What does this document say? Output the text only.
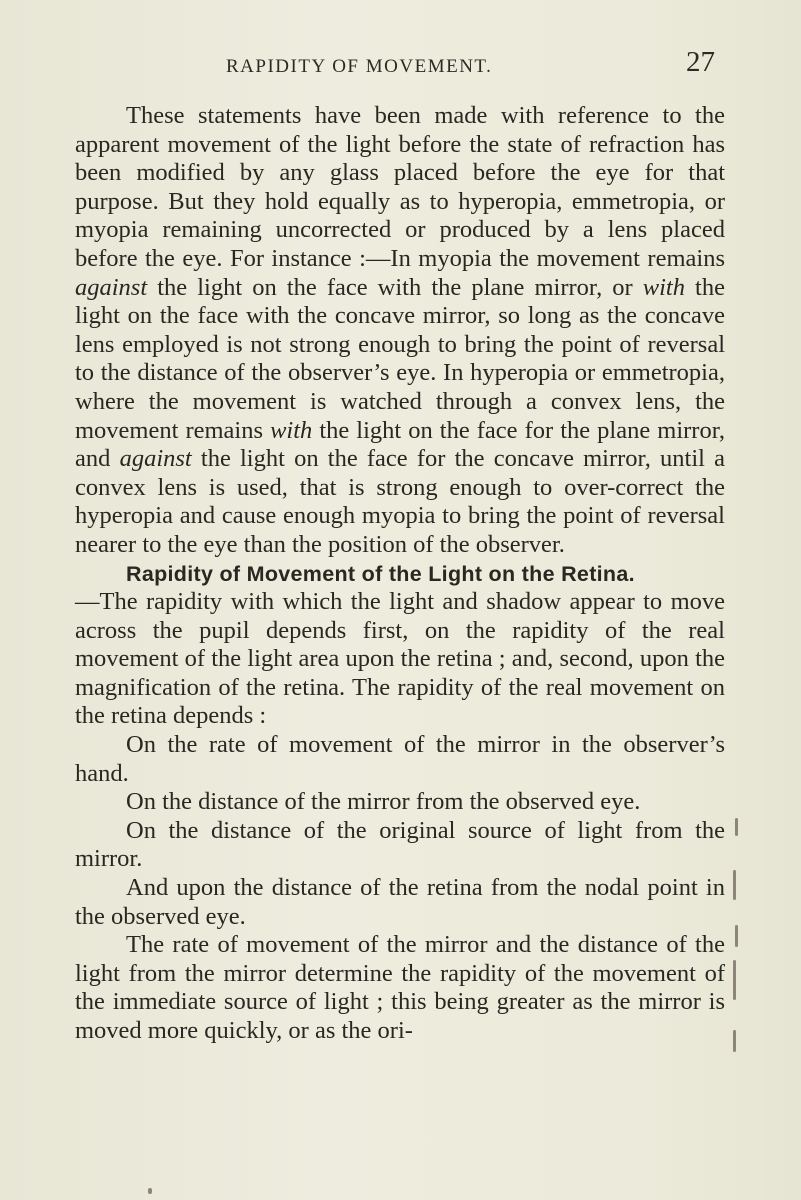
RAPIDITY OF MOVEMENT.	27

These statements have been made with reference to the apparent movement of the light before the state of refraction has been modified by any glass placed before the eye for that purpose. But they hold equally as to hyperopia, emmetropia, or myopia remaining uncorrected or produced by a lens placed before the eye. For instance :—In myopia the movement remains against the light on the face with the plane mirror, or with the light on the face with the concave mirror, so long as the concave lens employed is not strong enough to bring the point of reversal to the distance of the observer’s eye. In hyperopia or emmetropia, where the movement is watched through a convex lens, the movement remains with the light on the face for the plane mirror, and against the light on the face for the concave mirror, until a convex lens is used, that is strong enough to over-correct the hyperopia and cause enough myopia to bring the point of reversal nearer to the eye than the position of the observer.

Rapidity of Movement of the Light on the Retina.

—The rapidity with which the light and shadow appear to move across the pupil depends first, on the rapidity of the real movement of the light area upon the retina ; and, second, upon the magnification of the retina. The rapidity of the real movement on the retina depends :

On the rate of movement of the mirror in the observer’s hand.

On the distance of the mirror from the observed eye.

On the distance of the original source of light from the mirror.

And upon the distance of the retina from the nodal point in the observed eye.

The rate of movement of the mirror and the distance of the light from the mirror determine the rapidity of the movement of the immediate source of light ; this being greater as the mirror is moved more quickly, or as the ori-
